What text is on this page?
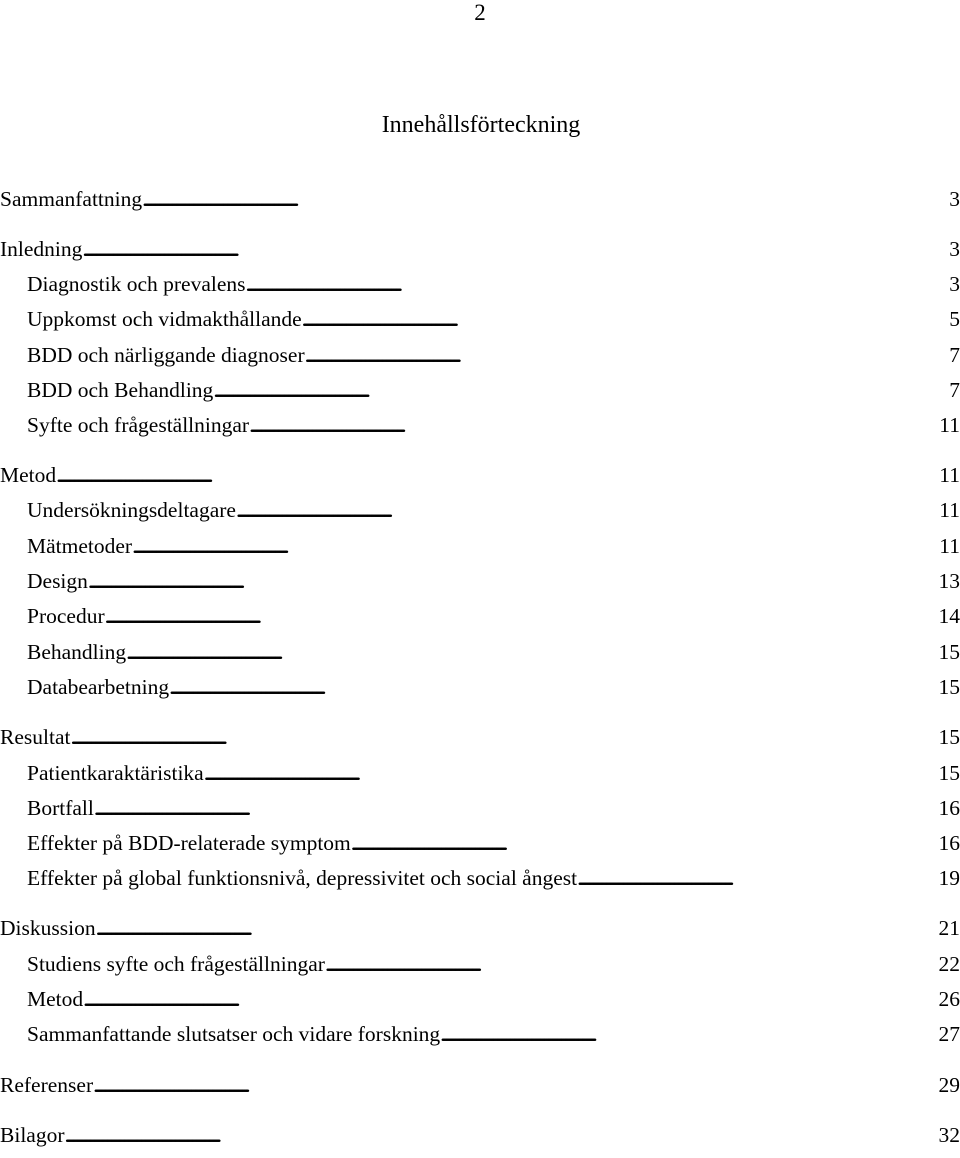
2
Innehållsförteckning
Sammanfattning . . .	3
Inledning . . .	3
Diagnostik och prevalens . . .	3
Uppkomst och vidmakthållande . . .	5
BDD och närliggande diagnoser . . .	7
BDD och Behandling . . .	7
Syfte och frågeställningar . . .	11
Metod . . .	11
Undersökningsdeltagare . . .	11
Mätmetoder . . .	11
Design . . .	13
Procedur . . .	14
Behandling . . .	15
Databearbetning . . .	15
Resultat . . .	15
Patientkaraktäristika . . .	15
Bortfall . . .	16
Effekter på BDD-relaterade symptom . . .	16
Effekter på global funktionsnivå, depressivitet och social ångest . . .	19
Diskussion . . .	21
Studiens syfte och frågeställningar . . .	22
Metod . . .	26
Sammanfattande slutsatser och vidare forskning . . .	27
Referenser . . .	29
Bilagor . . .	32
